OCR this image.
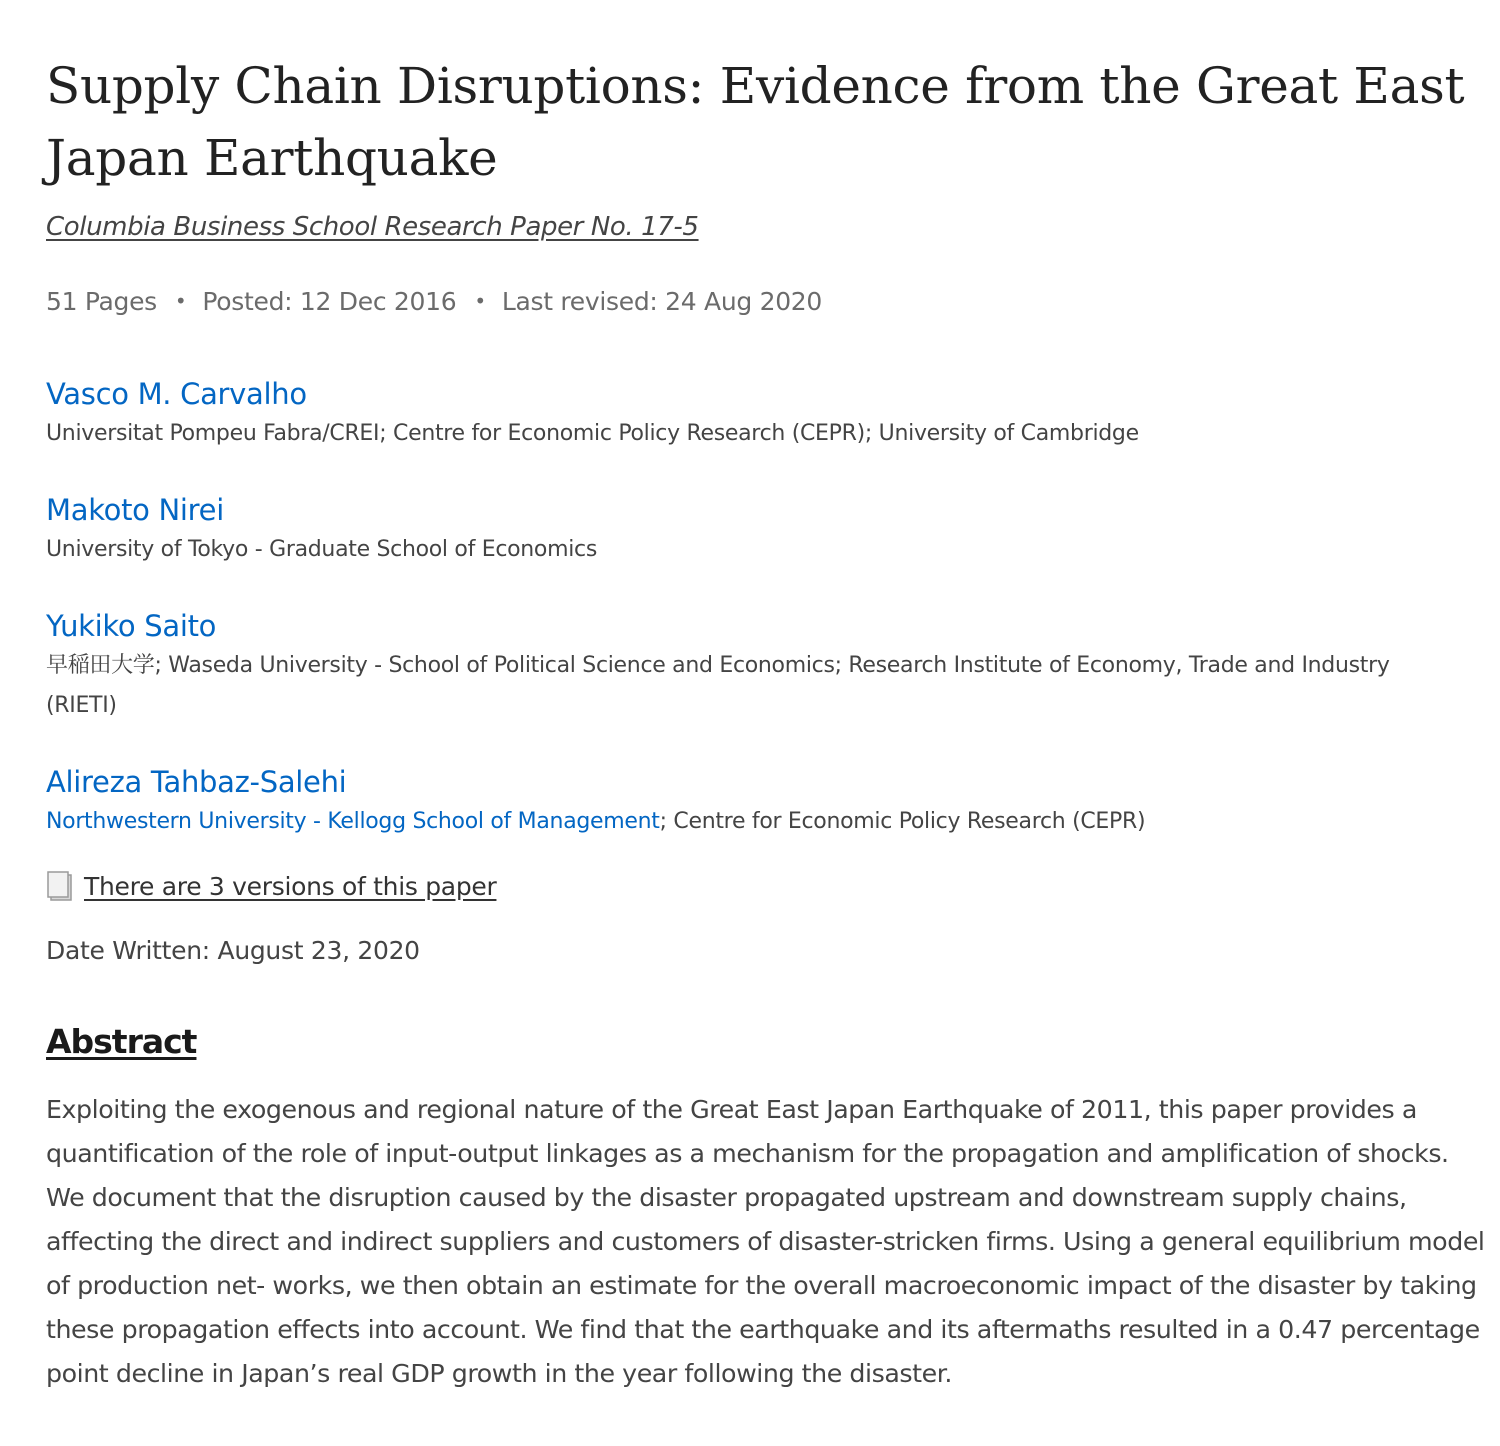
Supply Chain Disruptions: Evidence from the Great East Japan Earthquake
Columbia Business School Research Paper No. 17-5
51 Pages • Posted: 12 Dec 2016 • Last revised: 24 Aug 2020
Vasco M. Carvalho
Universitat Pompeu Fabra/CREI; Centre for Economic Policy Research (CEPR); University of Cambridge
Makoto Nirei
University of Tokyo - Graduate School of Economics
Yukiko Saito
早稲田大学; Waseda University - School of Political Science and Economics; Research Institute of Economy, Trade and Industry (RIETI)
Alireza Tahbaz-Salehi
Northwestern University - Kellogg School of Management; Centre for Economic Policy Research (CEPR)
There are 3 versions of this paper
Date Written: August 23, 2020
Abstract

Exploiting the exogenous and regional nature of the Great East Japan Earthquake of 2011, this paper provides a quantification of the role of input-output linkages as a mechanism for the propagation and amplification of shocks. We document that the disruption caused by the disaster propagated upstream and downstream supply chains, affecting the direct and indirect suppliers and customers of disaster-stricken firms. Using a general equilibrium model of production net- works, we then obtain an estimate for the overall macroeconomic impact of the disaster by taking these propagation effects into account. We find that the earthquake and its aftermaths resulted in a 0.47 percentage point decline in Japan’s real GDP growth in the year following the disaster.
